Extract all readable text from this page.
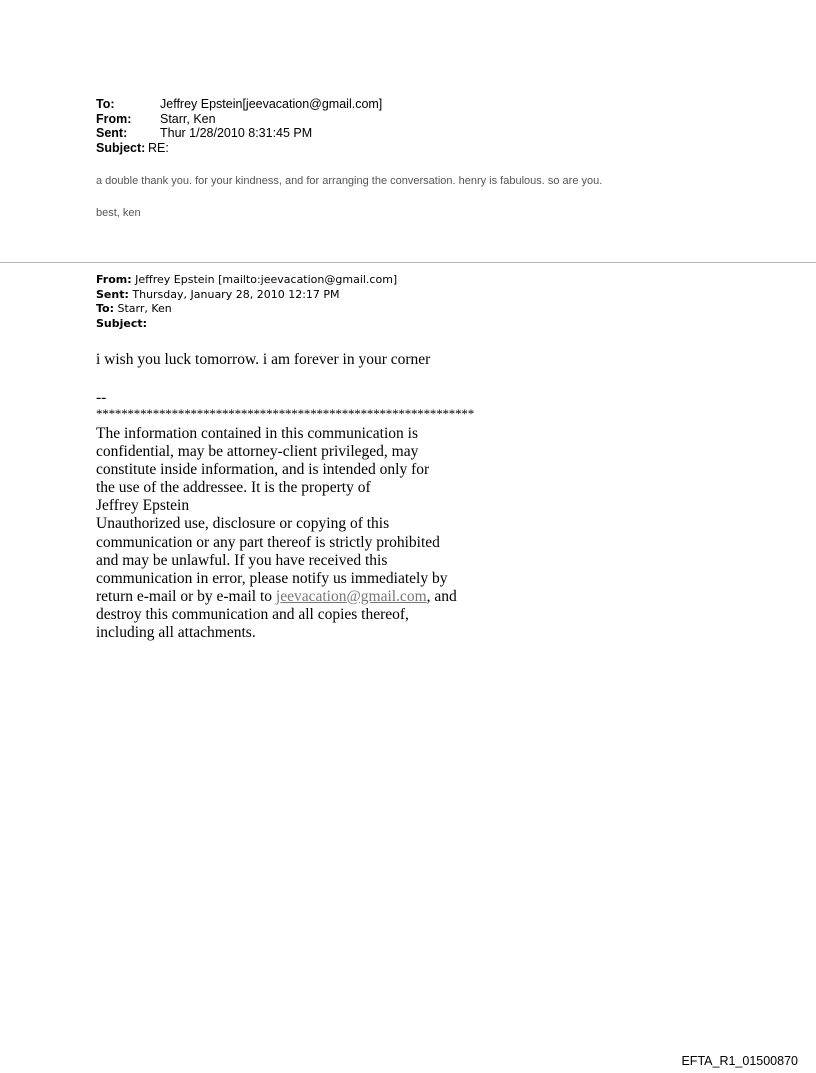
To:	Jeffrey Epstein[jeevacation@gmail.com]
From:	Starr, Ken
Sent:	Thur 1/28/2010 8:31:45 PM
Subject: RE:
a double thank you. for your kindness, and for arranging the conversation. henry is fabulous. so are you.
best, ken
From: Jeffrey Epstein [mailto:jeevacation@gmail.com]
Sent: Thursday, January 28, 2010 12:17 PM
To: Starr, Ken
Subject:
i wish you luck tomorrow. i am forever in your corner
--
************************************************************
The information contained in this communication is
confidential, may be attorney-client privileged, may
constitute inside information, and is intended only for
the use of the addressee. It is the property of
Jeffrey Epstein
Unauthorized use, disclosure or copying of this
communication or any part thereof is strictly prohibited
and may be unlawful. If you have received this
communication in error, please notify us immediately by
return e-mail or by e-mail to jeevacation@gmail.com, and
destroy this communication and all copies thereof,
including all attachments.
EFTA_R1_01500870
